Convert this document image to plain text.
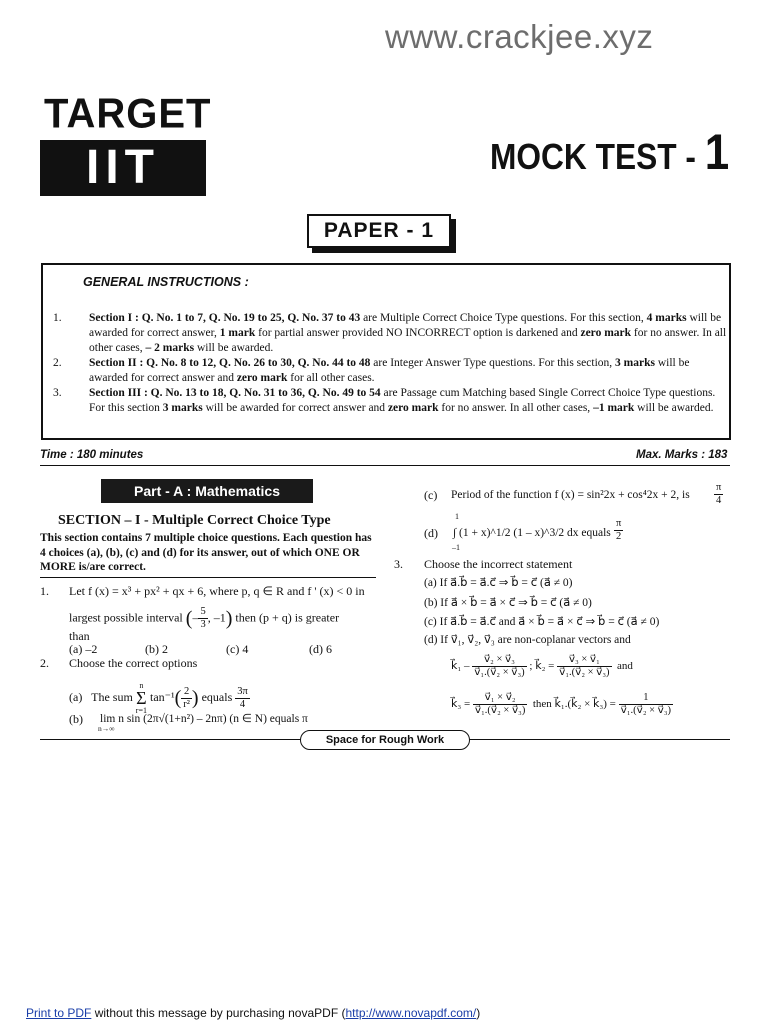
www.crackjee.xyz
TARGET
IIT	MOCK TEST - 1
PAPER - 1
GENERAL INSTRUCTIONS :
1. Section I : Q. No. 1 to 7, Q. No. 19 to 25, Q. No. 37 to 43 are Multiple Correct Choice Type questions. For this section, 4 marks will be awarded for correct answer, 1 mark for partial answer provided NO INCORRECT option is darkened and zero mark for no answer. In all other cases, – 2 marks will be awarded.
2. Section II : Q. No. 8 to 12, Q. No. 26 to 30, Q. No. 44 to 48 are Integer Answer Type questions. For this section, 3 marks will be awarded for correct answer and zero mark for all other cases.
3. Section III : Q. No. 13 to 18, Q. No. 31 to 36, Q. No. 49 to 54 are Passage cum Matching based Single Correct Choice Type questions. For this section 3 marks will be awarded for correct answer and zero mark for no answer. In all other cases, –1 mark will be awarded.
Time : 180 minutes	Max. Marks : 183
Part - A : Mathematics
SECTION – I - Multiple Correct Choice Type
This section contains 7 multiple choice questions. Each question has 4 choices (a), (b), (c) and (d) for its answer, out of which ONE OR MORE is/are correct.
1. Let f (x) = x³ + px² + qx + 6, where p, q ∈ R and f ' (x) < 0 in
largest possible interval (– $\frac{5}{3}$ , –1) then (p + q) is greater
than
(a) –2	(b) 2	(c) 4	(d) 6
2. Choose the correct options
(a) The sum
n
Σ
r=1
$\tan^{-1}( \frac{2}{\text{r²}}$ ) equals $\frac{3\pi}{4}$
(b) lim n sin (2π√(1+n²) – 2nπ) (n ∈ N) equals π
n→∞
(c) Period of the function f (x) = sin²2x + cos⁴2x + 2, is $\frac{\pi}{4}$
(d)
1
–1
∫ (1 + x)^1/2 (1 – x)^3/2 dx equals $\frac{\pi}{2}$
3. Choose the incorrect statement
(a) If a⃗.b⃗ = a⃗.c⃗ ⇒ b⃗ = c⃗ (a⃗ ≠ 0)
(b) If a⃗ × b⃗ = a⃗ × c⃗ ⇒ b⃗ = c⃗ (a⃗ ≠ 0)
(c) If a⃗.b⃗ = a⃗.c⃗ and a⃗ × b⃗ = a⃗ × c⃗ ⇒ b⃗ = c⃗ (a⃗ ≠ 0)
(d) If v⃗₁, v⃗₂, v⃗₃ are non-coplanar vectors and
k⃗₁ – $\frac{\text{v⃗₂ × v⃗₃}}{\text{v⃗₁.(v⃗₂ × v⃗₃)}}$ ; k⃗₂ = $\frac{\text{v⃗₃ × v⃗₁}}{\text{v⃗₁.(v⃗₂ × v⃗₃)}}$ and
k⃗₃ = $\frac{\text{v⃗₁ × v⃗₂}}{\text{v⃗₁.(v⃗₂ × v⃗₃)}}$ then k⃗₁.(k⃗₂ × k⃗₃) = $\frac{1}{\text{v⃗₁.(v⃗₂ × v⃗₃)}}$
Space for Rough Work
Print to PDF without this message by purchasing novaPDF (http://www.novapdf.com/)
